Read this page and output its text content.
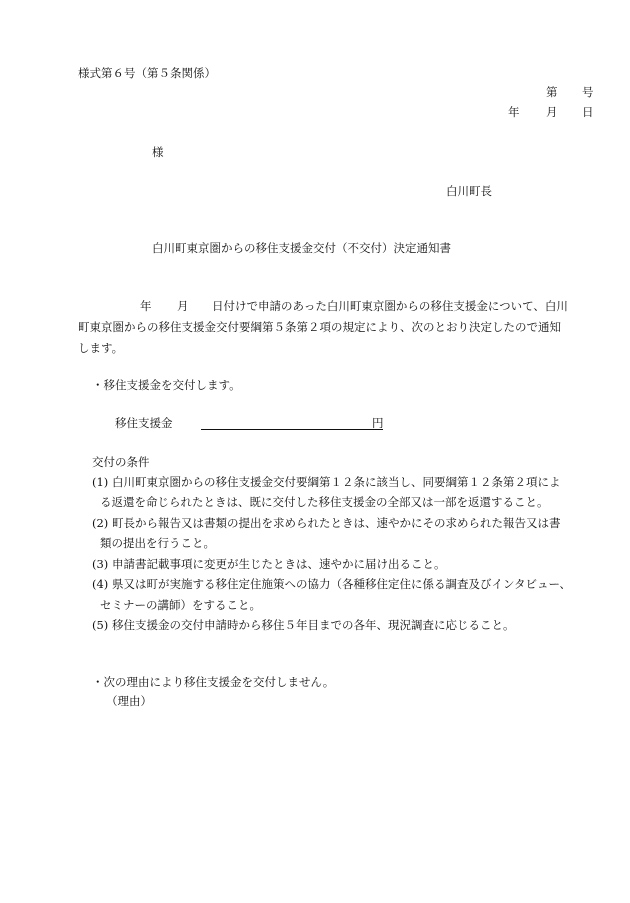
様式第６号（第５条関係）
第 号
年 月 日
様
白川町長
白川町東京圏からの移住支援金交付（不交付）決定通知書
年 月 日付けで申請のあった白川町東京圏からの移住支援金について、白川
町東京圏からの移住支援金交付要綱第５条第２項の規定により、次のとおり決定したので通知
します。
・移住支援金を交付します。
移住支援金	円
交付の条件
(1) 白川町東京圏からの移住支援金交付要綱第１２条に該当し、同要綱第１２条第２項によ
る返還を命じられたときは、既に交付した移住支援金の全部又は一部を返還すること。
(2) 町長から報告又は書類の提出を求められたときは、速やかにその求められた報告又は書
類の提出を行うこと。
(3) 申請書記載事項に変更が生じたときは、速やかに届け出ること。
(4) 県又は町が実施する移住定住施策への協力（各種移住定住に係る調査及びインタビュー、
セミナーの講師）をすること。
(5) 移住支援金の交付申請時から移住５年目までの各年、現況調査に応じること。
・次の理由により移住支援金を交付しません。
（理由）
